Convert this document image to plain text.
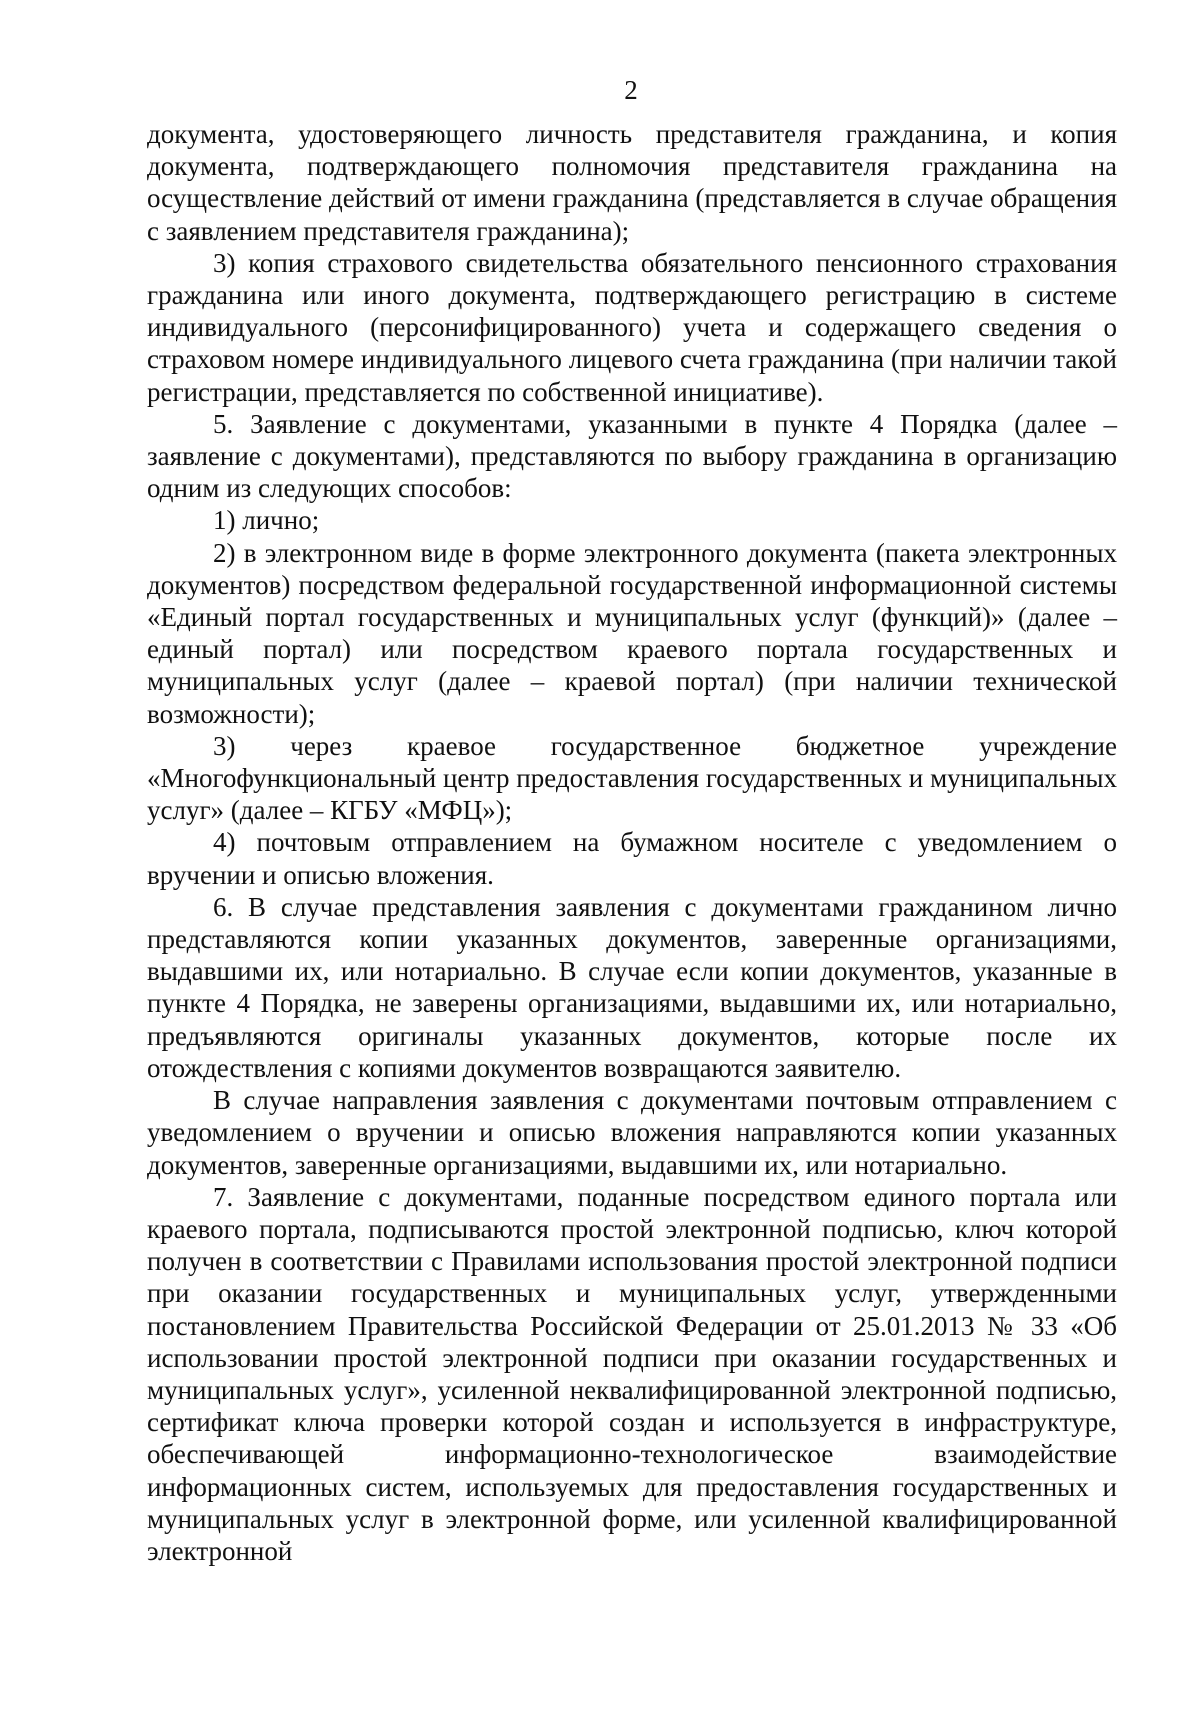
2

документа, удостоверяющего личность представителя гражданина, и копия документа, подтверждающего полномочия представителя гражданина на осуществление действий от имени гражданина (представляется в случае обращения с заявлением представителя гражданина);

3) копия страхового свидетельства обязательного пенсионного страхования гражданина или иного документа, подтверждающего регистрацию в системе индивидуального (персонифицированного) учета и содержащего сведения о страховом номере индивидуального лицевого счета гражданина (при наличии такой регистрации, представляется по собственной инициативе).

5. Заявление с документами, указанными в пункте 4 Порядка (далее – заявление с документами), представляются по выбору гражданина в организацию одним из следующих способов:

1) лично;

2) в электронном виде в форме электронного документа (пакета электронных документов) посредством федеральной государственной информационной системы «Единый портал государственных и муниципальных услуг (функций)» (далее – единый портал) или посредством краевого портала государственных и муниципальных услуг (далее – краевой портал) (при наличии технической возможности);

3) через краевое государственное бюджетное учреждение «Многофункциональный центр предоставления государственных и муниципальных услуг» (далее – КГБУ «МФЦ»);

4) почтовым отправлением на бумажном носителе с уведомлением о вручении и описью вложения.

6. В случае представления заявления с документами гражданином лично представляются копии указанных документов, заверенные организациями, выдавшими их, или нотариально. В случае если копии документов, указанные в пункте 4 Порядка, не заверены организациями, выдавшими их, или нотариально, предъявляются оригиналы указанных документов, которые после их отождествления с копиями документов возвращаются заявителю.

В случае направления заявления с документами почтовым отправлением с уведомлением о вручении и описью вложения направляются копии указанных документов, заверенные организациями, выдавшими их, или нотариально.

7. Заявление с документами, поданные посредством единого портала или краевого портала, подписываются простой электронной подписью, ключ которой получен в соответствии с Правилами использования простой электронной подписи при оказании государственных и муниципальных услуг, утвержденными постановлением Правительства Российской Федерации от 25.01.2013 № 33 «Об использовании простой электронной подписи при оказании государственных и муниципальных услуг», усиленной неквалифицированной электронной подписью, сертификат ключа проверки которой создан и используется в инфраструктуре, обеспечивающей информационно-технологическое взаимодействие информационных систем, используемых для предоставления государственных и муниципальных услуг в электронной форме, или усиленной квалифицированной электронной
